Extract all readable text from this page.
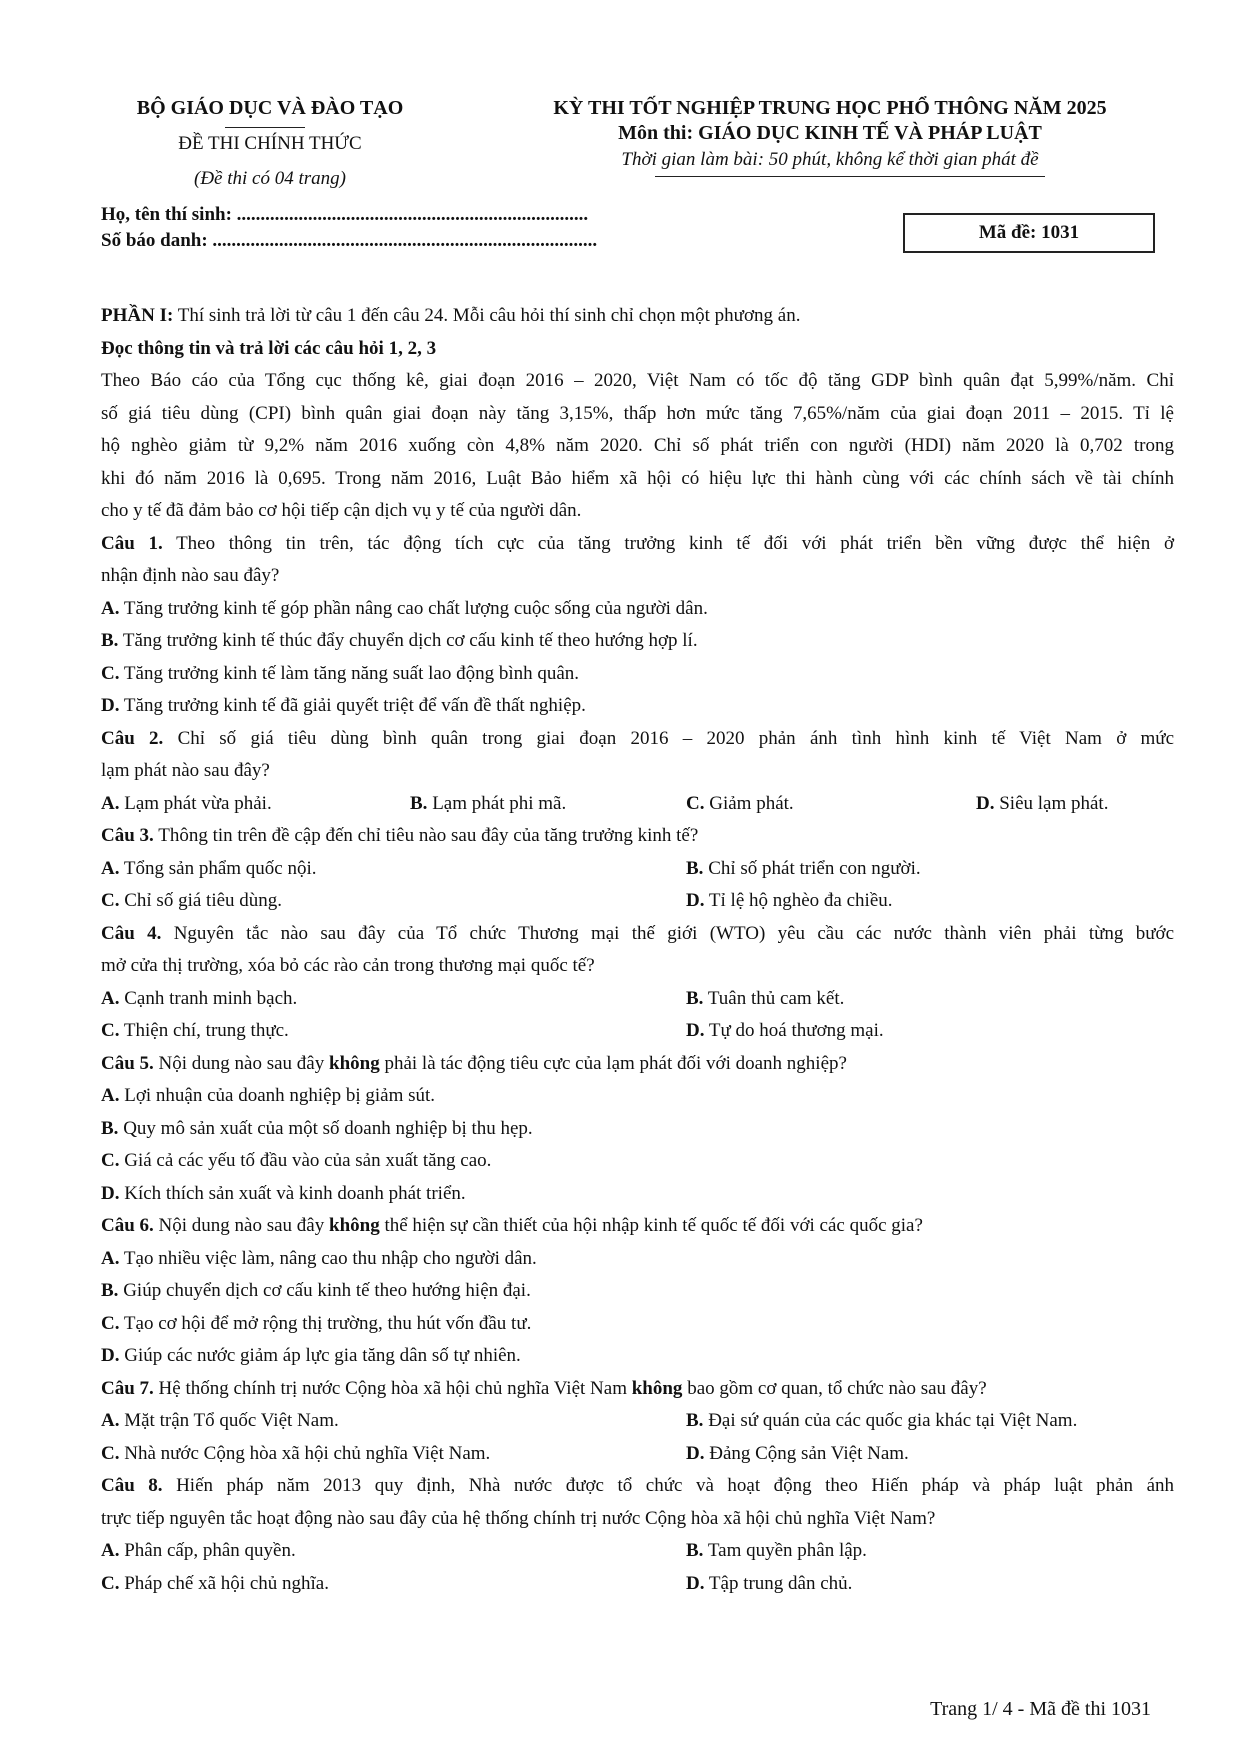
BỘ GIÁO DỤC VÀ ĐÀO TẠO
ĐỀ THI CHÍNH THỨC
(Đề thi có 04 trang)
KỲ THI TỐT NGHIỆP TRUNG HỌC PHỔ THÔNG NĂM 2025
Môn thi: GIÁO DỤC KINH TẾ VÀ PHÁP LUẬT
Thời gian làm bài: 50 phút, không kể thời gian phát đề
Họ, tên thí sinh: ..........................................................................
Số báo danh: .................................................................................	Mã đề: 1031
PHẦN I: Thí sinh trả lời từ câu 1 đến câu 24. Mỗi câu hỏi thí sinh chỉ chọn một phương án.
Đọc thông tin và trả lời các câu hỏi 1, 2, 3
Theo Báo cáo của Tổng cục thống kê, giai đoạn 2016 – 2020, Việt Nam có tốc độ tăng GDP bình quân đạt 5,99%/năm. Chỉ
số giá tiêu dùng (CPI) bình quân giai đoạn này tăng 3,15%, thấp hơn mức tăng 7,65%/năm của giai đoạn 2011 – 2015. Tỉ lệ
hộ nghèo giảm từ 9,2% năm 2016 xuống còn 4,8% năm 2020. Chỉ số phát triển con người (HDI) năm 2020 là 0,702 trong
khi đó năm 2016 là 0,695. Trong năm 2016, Luật Bảo hiểm xã hội có hiệu lực thi hành cùng với các chính sách về tài chính
cho y tế đã đảm bảo cơ hội tiếp cận dịch vụ y tế của người dân.
Câu 1. Theo thông tin trên, tác động tích cực của tăng trưởng kinh tế đối với phát triển bền vững được thể hiện ở
nhận định nào sau đây?
A. Tăng trưởng kinh tế góp phần nâng cao chất lượng cuộc sống của người dân.
B. Tăng trưởng kinh tế thúc đẩy chuyển dịch cơ cấu kinh tế theo hướng hợp lí.
C. Tăng trưởng kinh tế làm tăng năng suất lao động bình quân.
D. Tăng trưởng kinh tế đã giải quyết triệt để vấn đề thất nghiệp.
Câu 2. Chỉ số giá tiêu dùng bình quân trong giai đoạn 2016 – 2020 phản ánh tình hình kinh tế Việt Nam ở mức
lạm phát nào sau đây?
A. Lạm phát vừa phải.	B. Lạm phát phi mã.	C. Giảm phát.	D. Siêu lạm phát.
Câu 3. Thông tin trên đề cập đến chỉ tiêu nào sau đây của tăng trưởng kinh tế?
A. Tổng sản phẩm quốc nội.	B. Chỉ số phát triển con người.
C. Chỉ số giá tiêu dùng.	D. Tỉ lệ hộ nghèo đa chiều.
Câu 4. Nguyên tắc nào sau đây của Tổ chức Thương mại thế giới (WTO) yêu cầu các nước thành viên phải từng bước
mở cửa thị trường, xóa bỏ các rào cản trong thương mại quốc tế?
A. Cạnh tranh minh bạch.	B. Tuân thủ cam kết.
C. Thiện chí, trung thực.	D. Tự do hoá thương mại.
Câu 5. Nội dung nào sau đây không phải là tác động tiêu cực của lạm phát đối với doanh nghiệp?
A. Lợi nhuận của doanh nghiệp bị giảm sút.
B. Quy mô sản xuất của một số doanh nghiệp bị thu hẹp.
C. Giá cả các yếu tố đầu vào của sản xuất tăng cao.
D. Kích thích sản xuất và kinh doanh phát triển.
Câu 6. Nội dung nào sau đây không thể hiện sự cần thiết của hội nhập kinh tế quốc tế đối với các quốc gia?
A. Tạo nhiều việc làm, nâng cao thu nhập cho người dân.
B. Giúp chuyển dịch cơ cấu kinh tế theo hướng hiện đại.
C. Tạo cơ hội để mở rộng thị trường, thu hút vốn đầu tư.
D. Giúp các nước giảm áp lực gia tăng dân số tự nhiên.
Câu 7. Hệ thống chính trị nước Cộng hòa xã hội chủ nghĩa Việt Nam không bao gồm cơ quan, tổ chức nào sau đây?
A. Mặt trận Tổ quốc Việt Nam.	B. Đại sứ quán của các quốc gia khác tại Việt Nam.
C. Nhà nước Cộng hòa xã hội chủ nghĩa Việt Nam.	D. Đảng Cộng sản Việt Nam.
Câu 8. Hiến pháp năm 2013 quy định, Nhà nước được tổ chức và hoạt động theo Hiến pháp và pháp luật phản ánh
trực tiếp nguyên tắc hoạt động nào sau đây của hệ thống chính trị nước Cộng hòa xã hội chủ nghĩa Việt Nam?
A. Phân cấp, phân quyền.	B. Tam quyền phân lập.
C. Pháp chế xã hội chủ nghĩa.	D. Tập trung dân chủ.
Trang 1/ 4 - Mã đề thi 1031
